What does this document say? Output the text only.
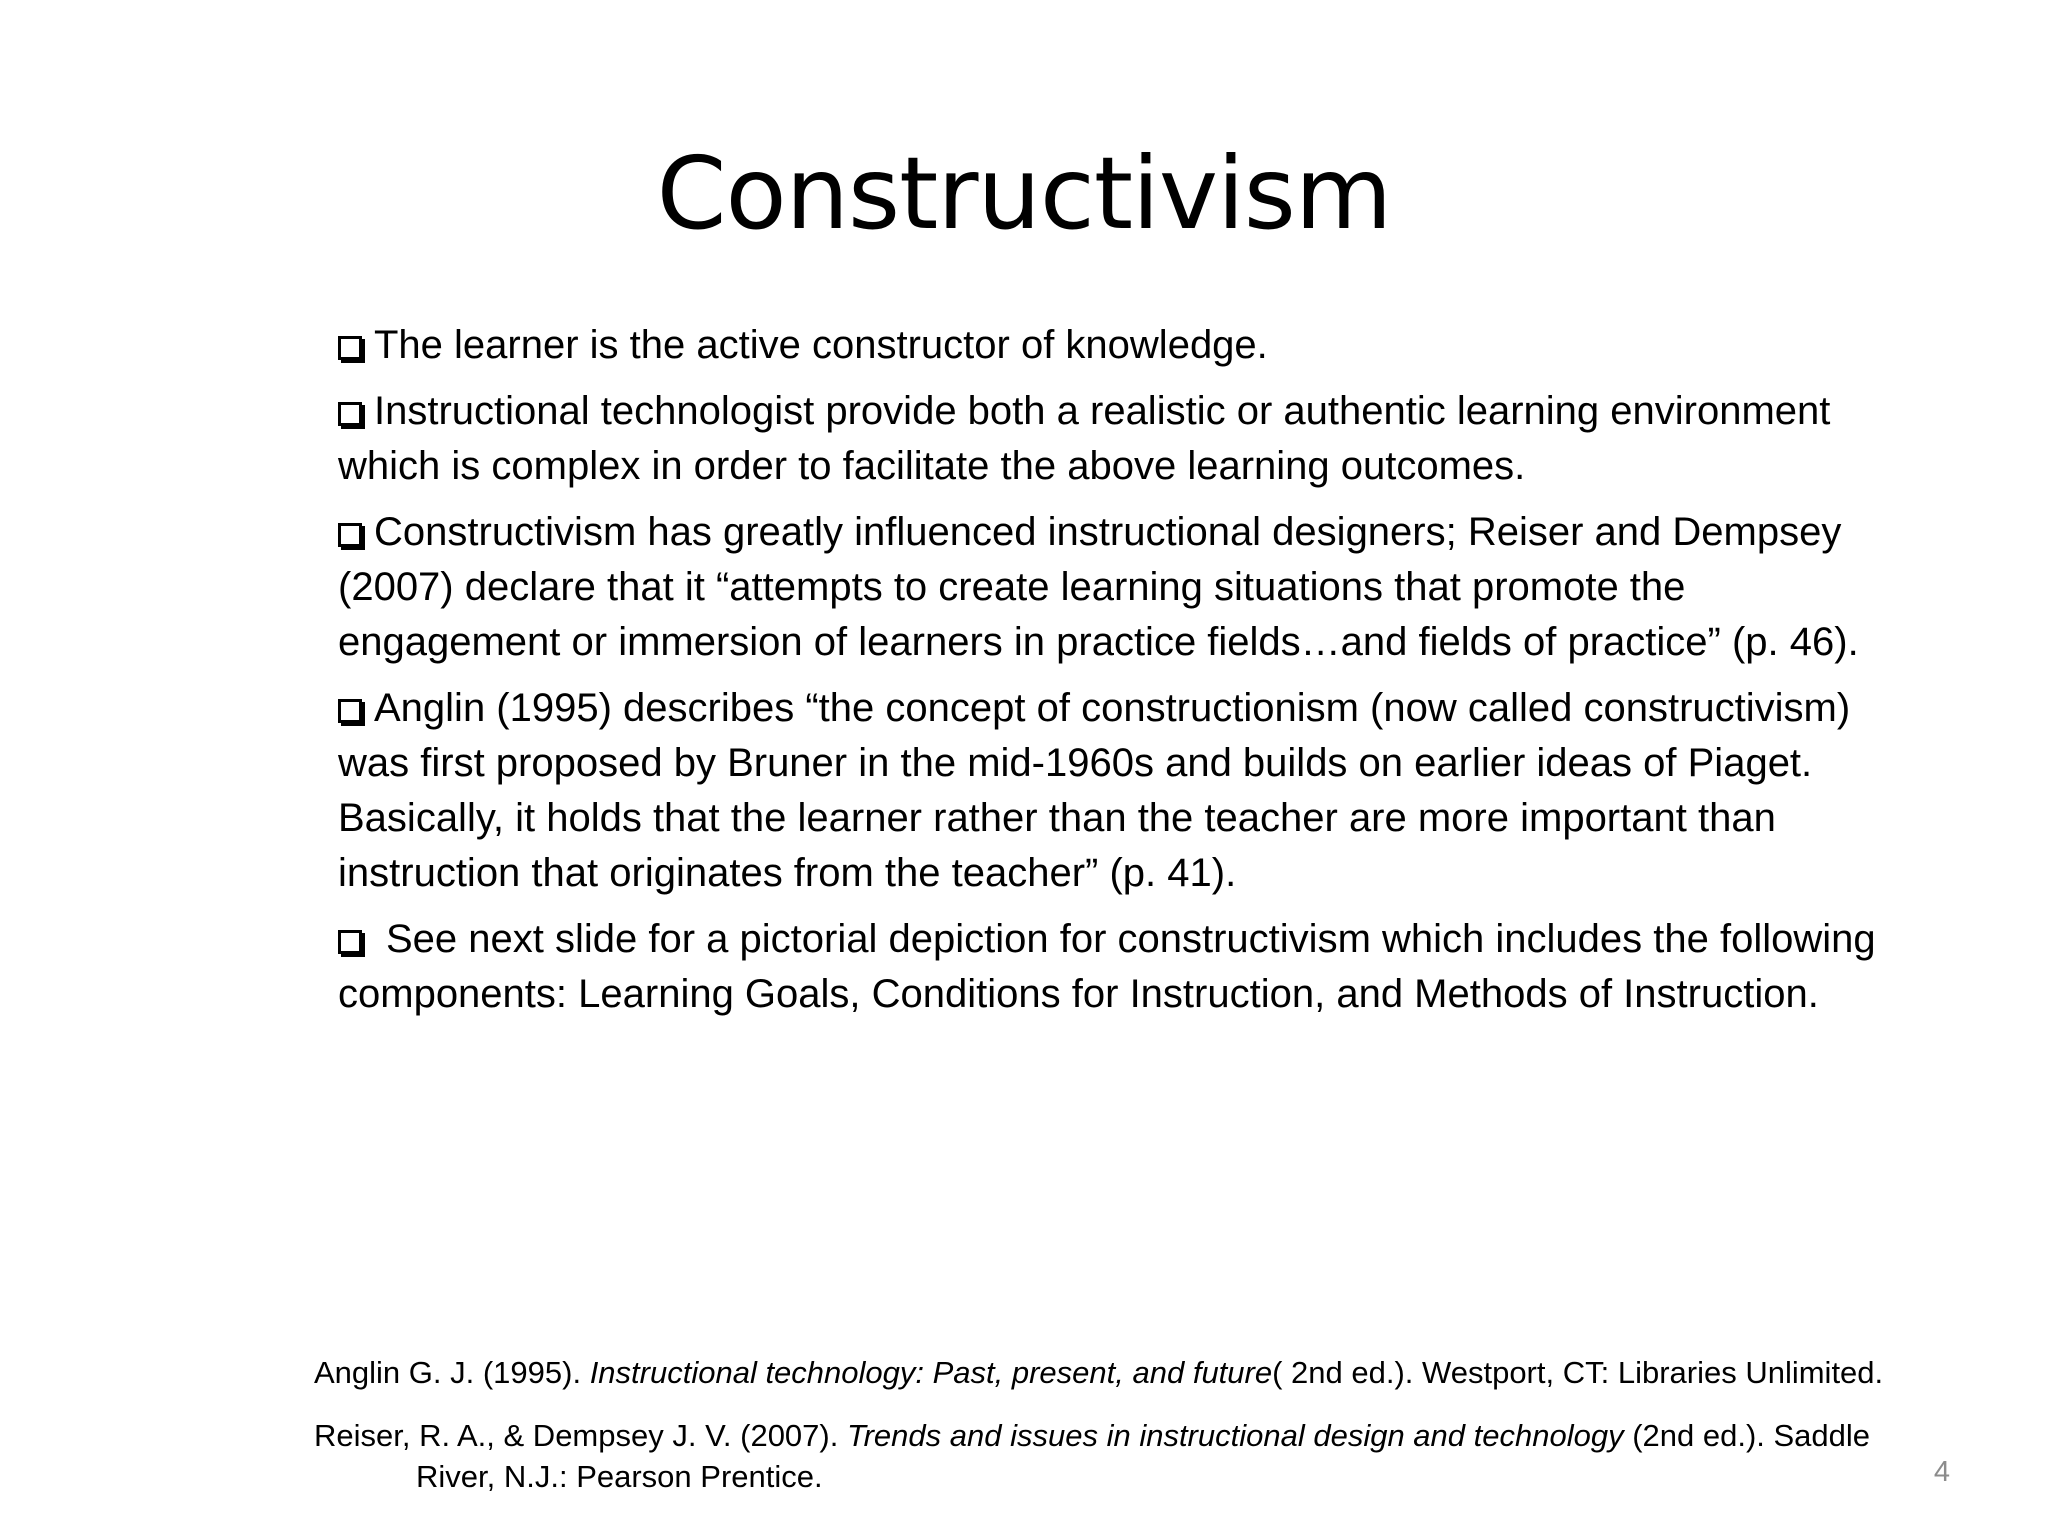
Constructivism

The learner is the active constructor of knowledge.

Instructional technologist provide both a realistic or authentic learning environment which is complex in order to facilitate the above learning outcomes.

Constructivism has greatly influenced instructional designers; Reiser and Dempsey (2007) declare that it “attempts to create learning situations that promote the engagement or immersion of learners in practice fields…and fields of practice” (p. 46).

Anglin (1995) describes “the concept of constructionism (now called constructivism) was first proposed by Bruner in the mid-1960s and builds on earlier ideas of Piaget. Basically, it holds that the learner rather than the teacher are more important than instruction that originates from the teacher” (p. 41).

See next slide for a pictorial depiction for constructivism which includes the following components: Learning Goals, Conditions for Instruction, and Methods of Instruction.

Anglin G. J. (1995). Instructional technology: Past, present, and future( 2nd ed.). Westport, CT: Libraries Unlimited.

Reiser, R. A., & Dempsey J. V. (2007). Trends and issues in instructional design and technology (2nd ed.). Saddle River, N.J.: Pearson Prentice.	4
